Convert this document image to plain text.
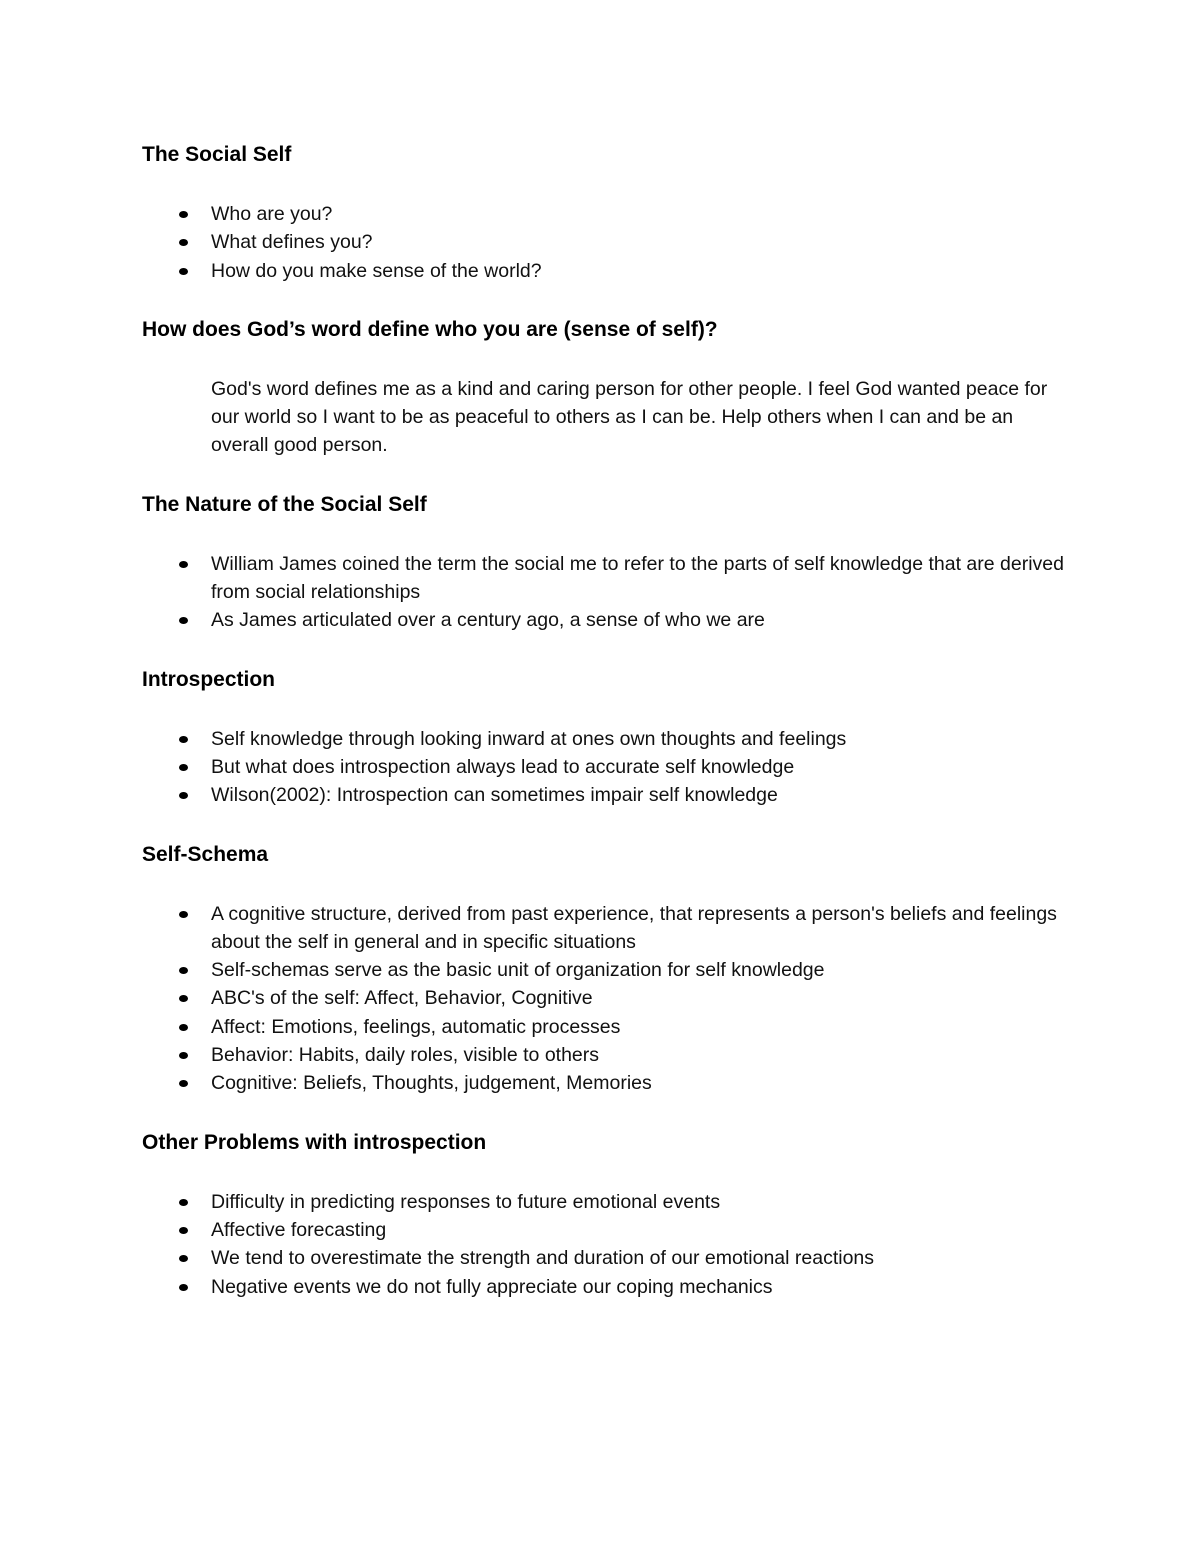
The Social Self
Who are you?
What defines you?
How do you make sense of the world?
How does God’s word define who you are (sense of self)?

God's word defines me as a kind and caring person for other people. I feel God wanted peace for our world so I want to be as peaceful to others as I can be. Help others when I can and be an overall good person.

The Nature of the Social Self
William James coined the term the social me to refer to the parts of self knowledge that are derived from social relationships
As James articulated over a century ago, a sense of who we are
Introspection
Self knowledge through looking inward at ones own thoughts and feelings
But what does introspection always lead to accurate self knowledge
Wilson(2002): Introspection can sometimes impair self knowledge
Self-Schema
A cognitive structure, derived from past experience, that represents a person's beliefs and feelings about the self in general and in specific situations
Self-schemas serve as the basic unit of organization for self knowledge
ABC's of the self: Affect, Behavior, Cognitive
Affect: Emotions, feelings, automatic processes
Behavior: Habits, daily roles, visible to others
Cognitive: Beliefs, Thoughts, judgement, Memories
Other Problems with introspection
Difficulty in predicting responses to future emotional events
Affective forecasting
We tend to overestimate the strength and duration of our emotional reactions
Negative events we do not fully appreciate our coping mechanics
